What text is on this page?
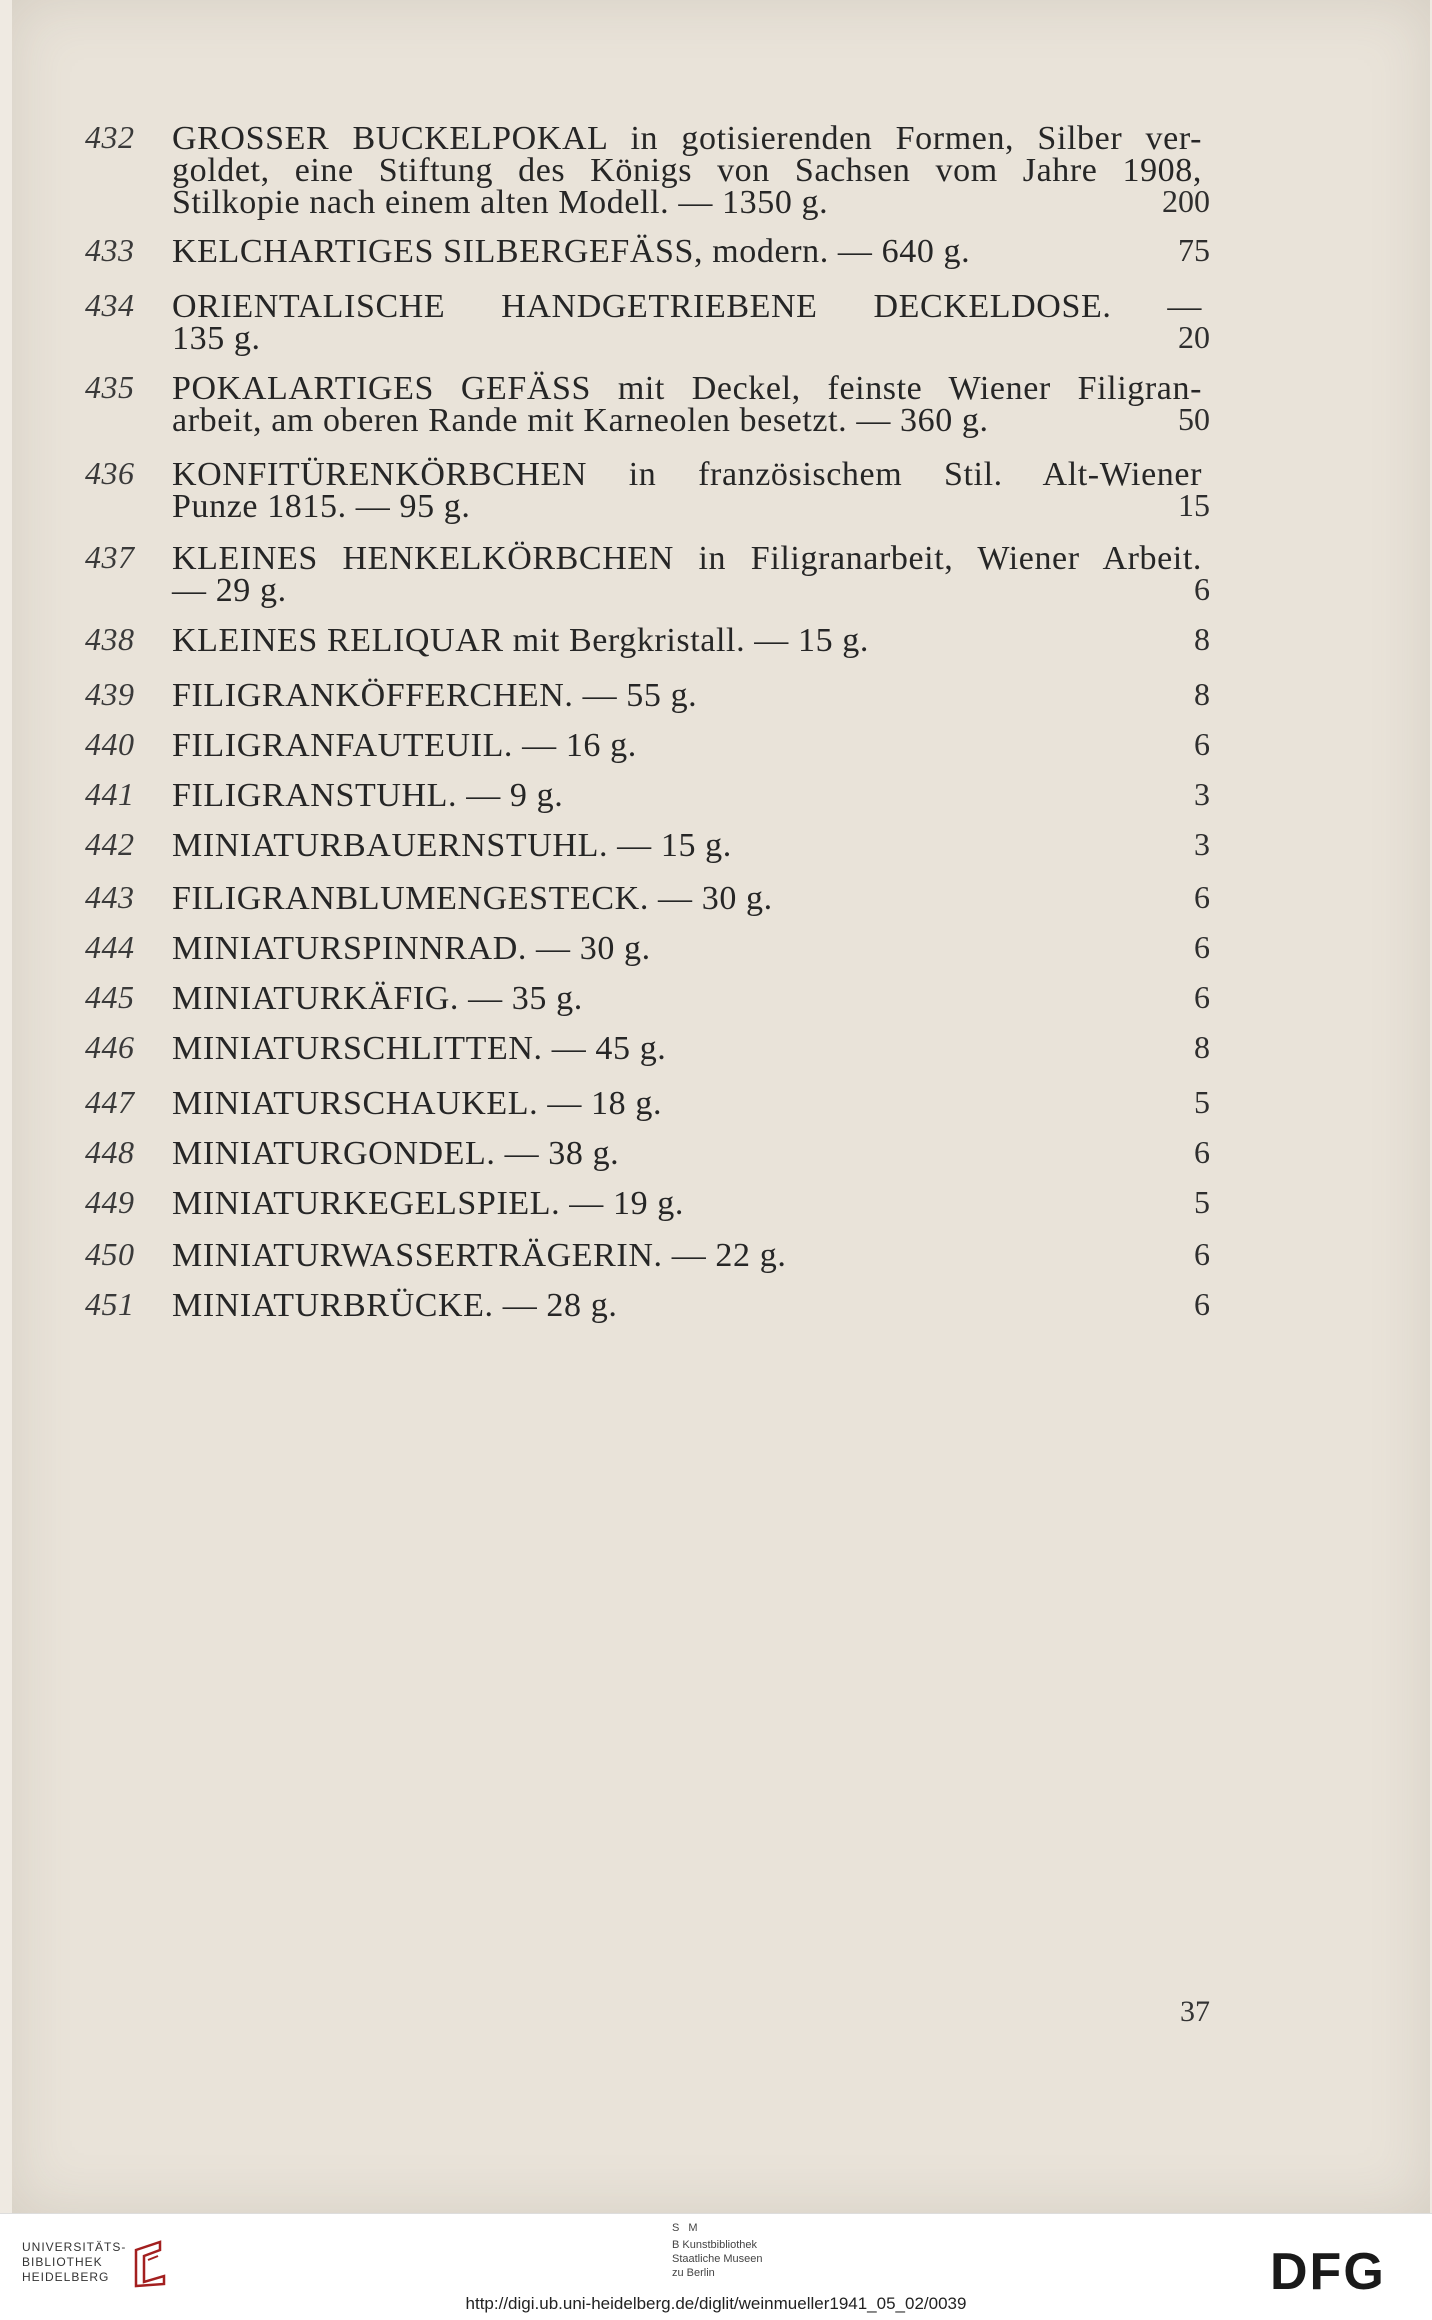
432 GROSSER BUCKELPOKAL in gotisierenden Formen, Silber ver-
goldet, eine Stiftung des Königs von Sachsen vom Jahre 1908,
Stilkopie nach einem alten Modell. — 1350 g.	200
433 KELCHARTIGES SILBERGEFÄSS, modern. — 640 g.	75
434 ORIENTALISCHE HANDGETRIEBENE DECKELDOSE. —
135 g.	20
435 POKALARTIGES GEFÄSS mit Deckel, feinste Wiener Filigran-
arbeit, am oberen Rande mit Karneolen besetzt. — 360 g.	50
436 KONFITÜRENKÖRBCHEN in französischem Stil. Alt-Wiener
Punze 1815. — 95 g.	15
437 KLEINES HENKELKÖRBCHEN in Filigranarbeit, Wiener Arbeit.
— 29 g.	6
438 KLEINES RELIQUAR mit Bergkristall. — 15 g.	8
439 FILIGRANKÖFFERCHEN. — 55 g.	8
440 FILIGRANFAUTEUIL. — 16 g.	6
441 FILIGRANSTUHL. — 9 g.	3
442 MINIATURBAUERNSTUHL. — 15 g.	3
443 FILIGRANBLUMENGESTECK. — 30 g.	6
444 MINIATURSPINNRAD. — 30 g.	6
445 MINIATURKÄFIG. — 35 g.	6
446 MINIATURSCHLITTEN. — 45 g.	8
447 MINIATURSCHAUKEL. — 18 g.	5
448 MINIATURGONDEL. — 38 g.	6
449 MINIATURKEGELSPIEL. — 19 g.	5
450 MINIATURWASSERTRÄGERIN. — 22 g.	6
451 MINIATURBRÜCKE. — 28 g.	6
37
UNIVERSITÄTS-
BIBLIOTHEK
HEIDELBERG
S M
B Kunstbibliothek
Staatliche Museen
zu Berlin	DFG
http://digi.ub.uni-heidelberg.de/diglit/weinmueller1941_05_02/0039
